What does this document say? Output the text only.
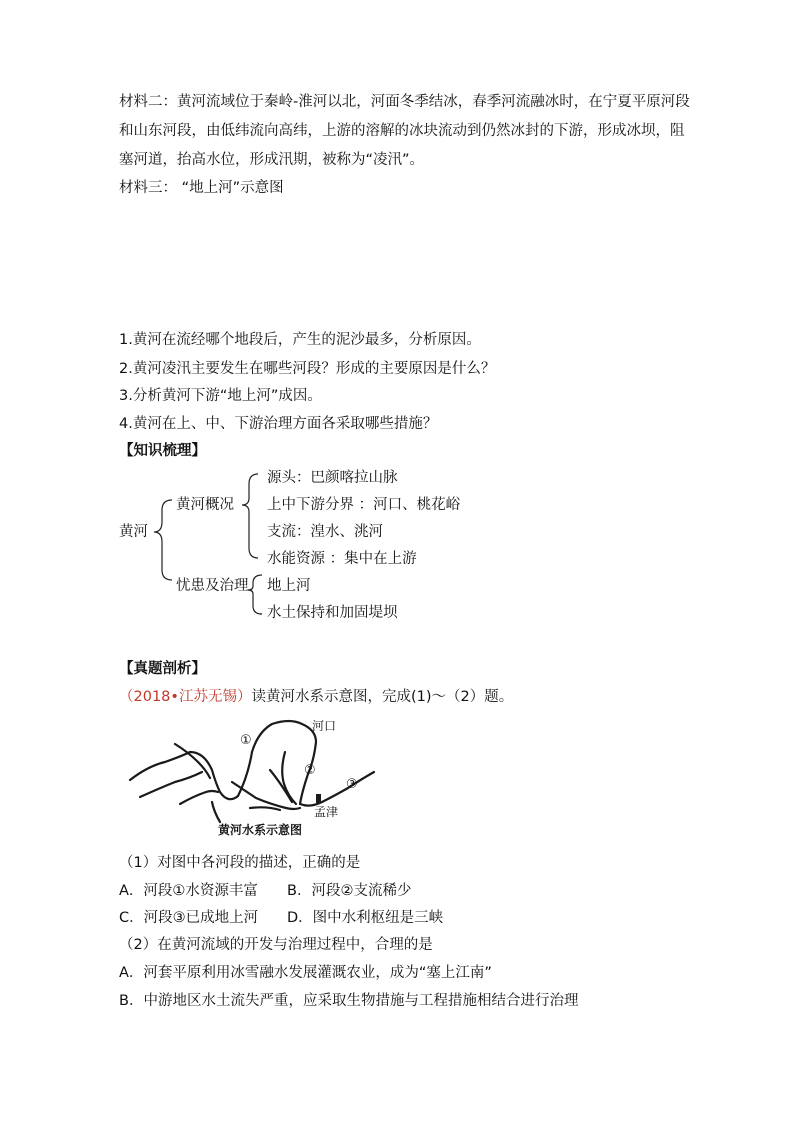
材料二：黄河流域位于秦岭-淮河以北，河面冬季结冰，春季河流融冰时，在宁夏平原河段
和山东河段，由低纬流向高纬，上游的溶解的冰块流动到仍然冰封的下游，形成冰坝，阻
塞河道，抬高水位，形成汛期，被称为“凌汛”。
材料三： “地上河”示意图
1.黄河在流经哪个地段后，产生的泥沙最多，分析原因。
2.黄河凌汛主要发生在哪些河段？形成的主要原因是什么？
3.分析黄河下游“地上河”成因。
4.黄河在上、中、下游治理方面各采取哪些措施？
【知识梳理】
黄河
黄河概况
忧患及治理
源头：巴颜喀拉山脉
上中下游分界 ：河口、桃花峪
支流：湟水、洮河
水能资源 ：集中在上游
地上河
水土保持和加固堤坝
【真题剖析】
（2018•江苏无锡）读黄河水系示意图，完成(1)～（2）题。
①
河口
②
③
孟津
黄河水系示意图
（1）对图中各河段的描述，正确的是
A．河段①水资源丰富 B．河段②支流稀少
C．河段③已成地上河 D．图中水利枢纽是三峡
（2）在黄河流域的开发与治理过程中，合理的是
A．河套平原利用冰雪融水发展灌溉农业，成为“塞上江南”
B．中游地区水土流失严重，应采取生物措施与工程措施相结合进行治理
